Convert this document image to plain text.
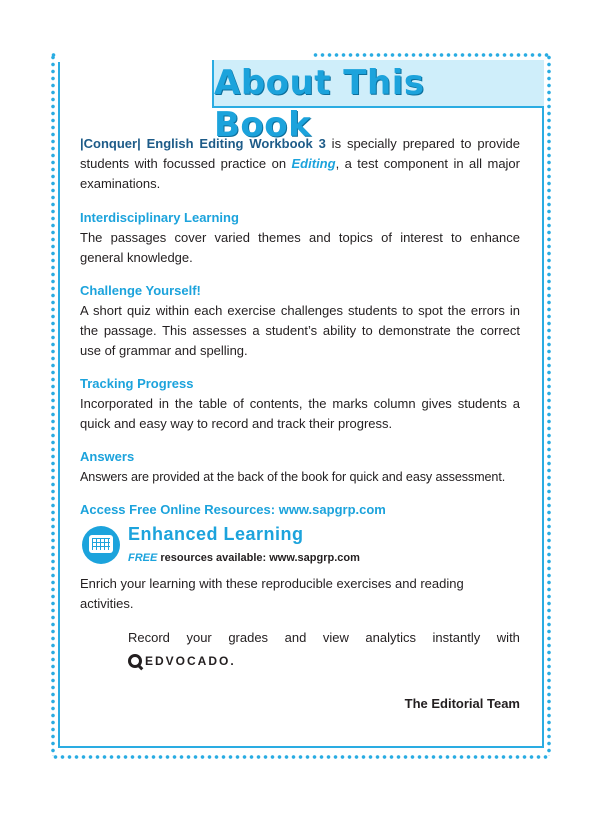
About This Book

|Conquer| English Editing Workbook 3 is specially prepared to provide students with focussed practice on Editing, a test component in all major examinations.

Interdisciplinary Learning

The passages cover varied themes and topics of interest to enhance general knowledge.

Challenge Yourself!

A short quiz within each exercise challenges students to spot the errors in the passage. This assesses a student’s ability to demonstrate the correct use of grammar and spelling.

Tracking Progress

Incorporated in the table of contents, the marks column gives students a quick and easy way to record and track their progress.

Answers

Answers are provided at the back of the book for quick and easy assessment.

Access Free Online Resources: www.sapgrp.com

Enhanced Learning
FREE resources available: www.sapgrp.com

Enrich your learning with these reproducible exercises and reading activities.

Record your grades and view analytics instantly with
EDVOCADO.
The Editorial Team
